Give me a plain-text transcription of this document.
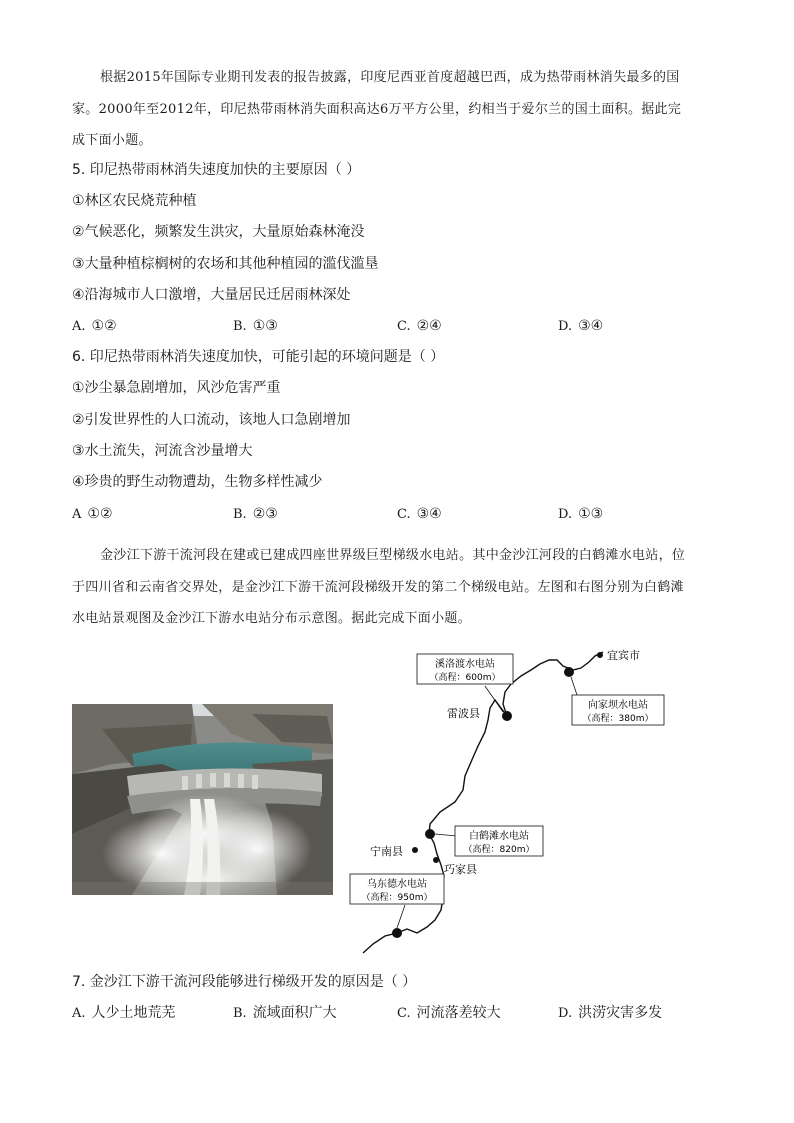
根据2015年国际专业期刊发表的报告披露，印度尼西亚首度超越巴西，成为热带雨林消失最多的国
家。2000年至2012年，印尼热带雨林消失面积高达6万平方公里，约相当于爱尔兰的国土面积。据此完
成下面小题。
5. 印尼热带雨林消失速度加快的主要原因（ ）
①林区农民烧荒种植
②气候恶化，频繁发生洪灾，大量原始森林淹没
③大量种植棕榈树的农场和其他种植园的滥伐滥垦
④沿海城市人口激增，大量居民迁居雨林深处
A. ①②	B. ①③	C. ②④	D. ③④
6. 印尼热带雨林消失速度加快，可能引起的环境问题是（ ）
①沙尘暴急剧增加，风沙危害严重
②引发世界性的人口流动，该地人口急剧增加
③水土流失，河流含沙量增大
④珍贵的野生动物遭劫，生物多样性减少
A ①②	B. ②③	C. ③④	D. ①③
金沙江下游干流河段在建或已建成四座世界级巨型梯级水电站。其中金沙江河段的白鹤滩水电站，位
于四川省和云南省交界处，是金沙江下游干流河段梯级开发的第二个梯级电站。左图和右图分别为白鹤滩
水电站景观图及金沙江下游水电站分布示意图。据此完成下面小题。
溪洛渡水电站
（高程：600m）
向家坝水电站
（高程：380m）
白鹤滩水电站
（高程：820m）
乌东德水电站
（高程：950m）
宜宾市
雷波县
宁南县
巧家县
7. 金沙江下游干流河段能够进行梯级开发的原因是（ ）
A. 人少土地荒芜	B. 流域面积广大	C. 河流落差较大	D. 洪涝灾害多发
